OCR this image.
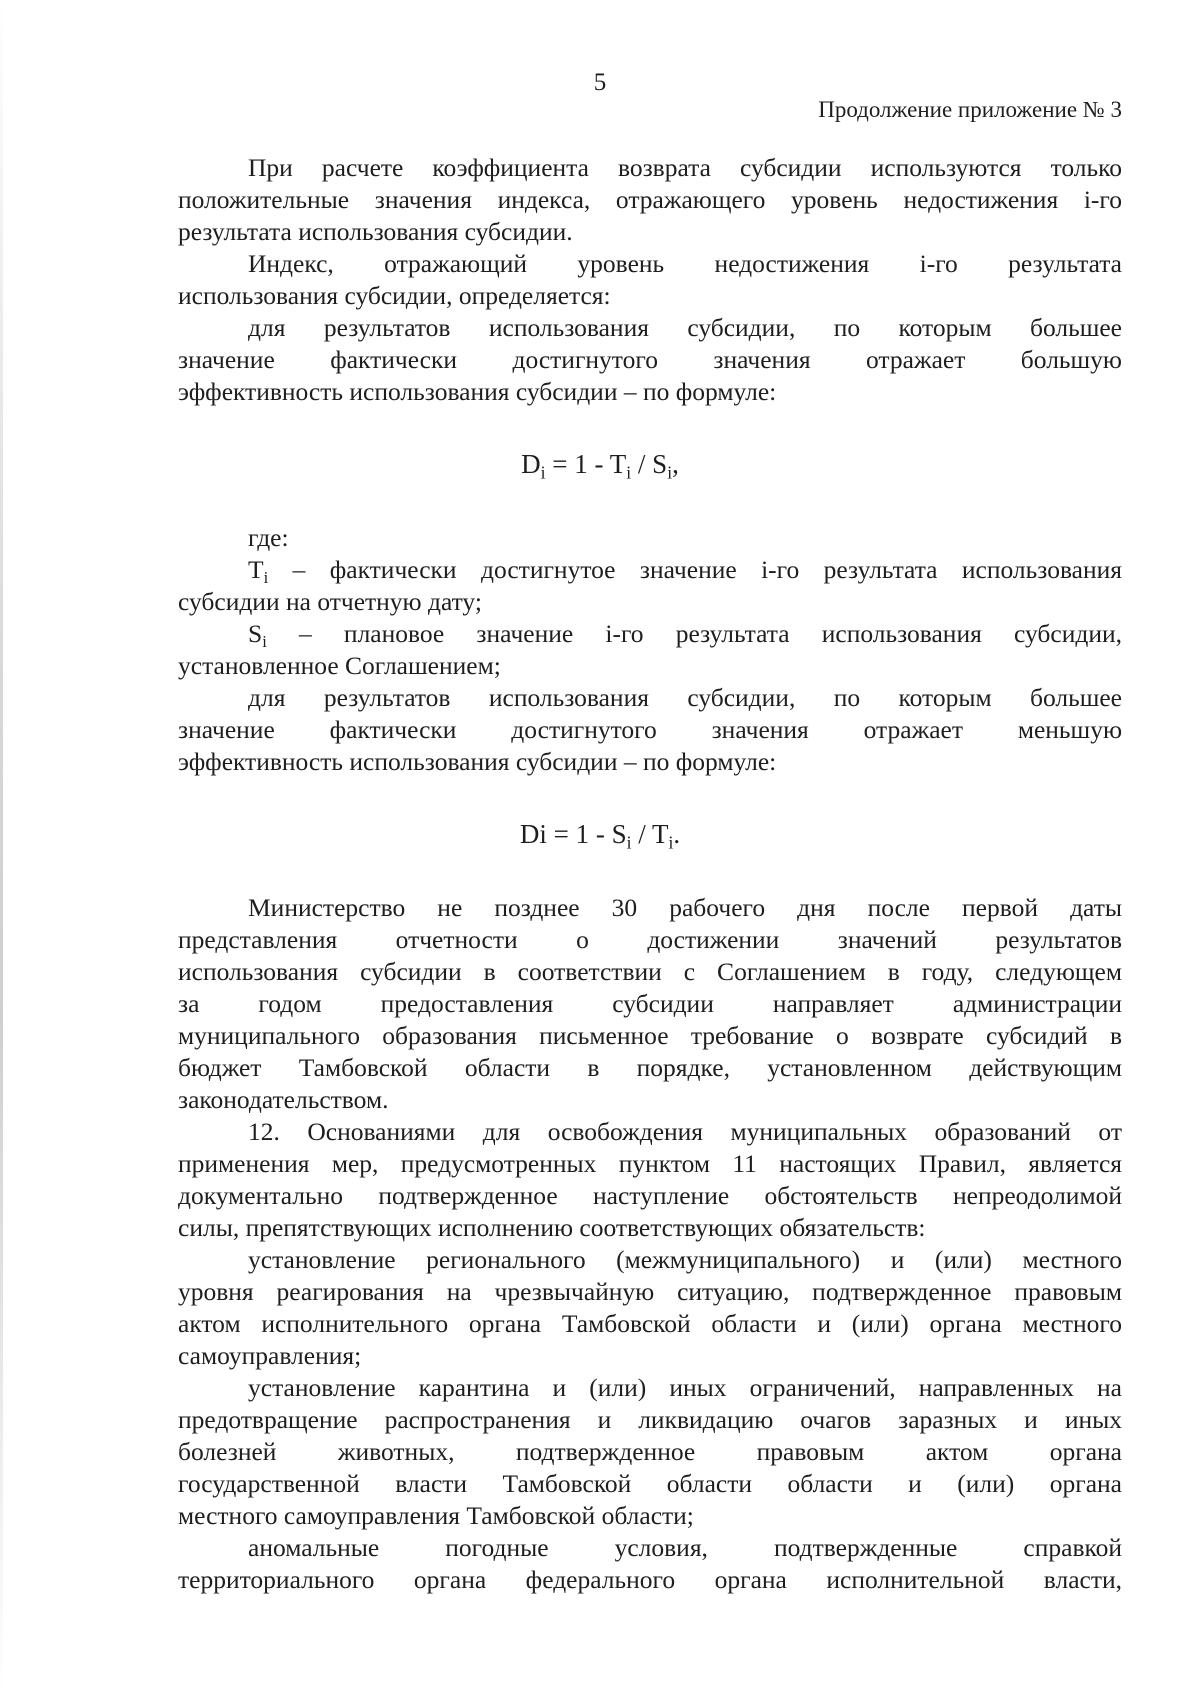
5
Продолжение приложение № 3
При расчете коэффициента возврата субсидии используются только
положительные значения индекса, отражающего уровень недостижения i-го
результата использования субсидии.
Индекс, отражающий уровень недостижения i-го результата
использования субсидии, определяется:
для результатов использования субсидии, по которым большее
значение фактически достигнутого значения отражает большую
эффективность использования субсидии – по формуле:
$D_i = 1 - T_i / S_i$,
где:
$T_i$ – фактически достигнутое значение i-го результата использования
субсидии на отчетную дату;
$S_i$ – плановое значение i-го результата использования субсидии,
установленное Соглашением;
для результатов использования субсидии, по которым большее
значение фактически достигнутого значения отражает меньшую
эффективность использования субсидии – по формуле:
$Di = 1 - S_i / T_i$.
Министерство не позднее 30 рабочего дня после первой даты
представления отчетности о достижении значений результатов
использования субсидии в соответствии с Соглашением в году, следующем
за годом предоставления субсидии направляет администрации
муниципального образования письменное требование о возврате субсидий в
бюджет Тамбовской области в порядке, установленном действующим
законодательством.
12. Основаниями для освобождения муниципальных образований от
применения мер, предусмотренных пунктом 11 настоящих Правил, является
документально подтвержденное наступление обстоятельств непреодолимой
силы, препятствующих исполнению соответствующих обязательств:
установление регионального (межмуниципального) и (или) местного
уровня реагирования на чрезвычайную ситуацию, подтвержденное правовым
актом исполнительного органа Тамбовской области и (или) органа местного
самоуправления;
установление карантина и (или) иных ограничений, направленных на
предотвращение распространения и ликвидацию очагов заразных и иных
болезней животных, подтвержденное правовым актом органа
государственной власти Тамбовской области области и (или) органа
местного самоуправления Тамбовской области;
аномальные погодные условия, подтвержденные справкой
территориального органа федерального органа исполнительной власти,
